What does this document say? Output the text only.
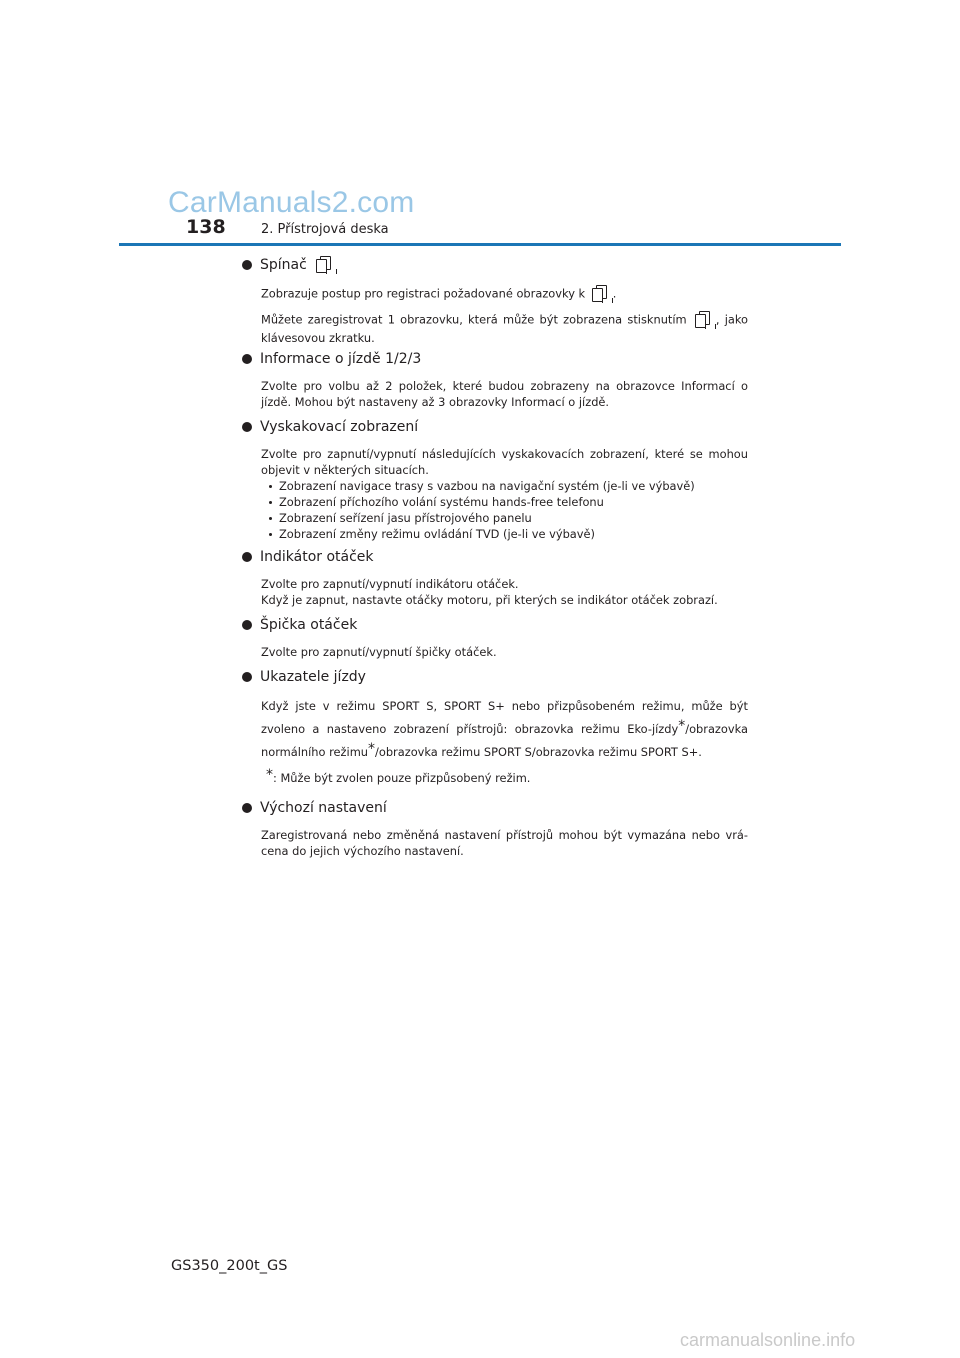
CarManuals2.com
138	2. Přístrojová deska
Spínač

Zobrazuje postup pro registraci požadované obrazovky k .

Můžete zaregistrovat 1 obrazovku, která může být zobrazena stisknutím	, jako klávesovou zkratku.

Informace o jízdě 1/2/3

Zvolte pro volbu až 2 položek, které budou zobrazeny na obrazovce Informací o jízdě. Mohou být nastaveny až 3 obrazovky Informací o jízdě.

Vyskakovací zobrazení

Zvolte pro zapnutí/vypnutí následujících vyskakovacích zobrazení, které se mohou objevit v některých situacích.

Zobrazení navigace trasy s vazbou na navigační systém (je-li ve výbavě)
Zobrazení příchozího volání systému hands-free telefonu
Zobrazení seřízení jasu přístrojového panelu
Zobrazení změny režimu ovládání TVD (je-li ve výbavě)
Indikátor otáček

Zvolte pro zapnutí/vypnutí indikátoru otáček.

Když je zapnut, nastavte otáčky motoru, při kterých se indikátor otáček zobrazí.

Špička otáček

Zvolte pro zapnutí/vypnutí špičky otáček.

Ukazatele jízdy

Když jste v režimu SPORT S, SPORT S+ nebo přizpůsobeném režimu, může být zvoleno a nastaveno zobrazení přístrojů: obrazovka režimu Eko-jízdy*/obrazovka normálního režimu*/obrazovka režimu SPORT S/obrazovka režimu SPORT S+.

*: Může být zvolen pouze přizpůsobený režim.
Výchozí nastavení

Zaregistrovaná nebo změněná nastavení přístrojů mohou být vymazána nebo vrá-cena do jejich výchozího nastavení.

GS350_200t_GS
carmanualsonline.info
